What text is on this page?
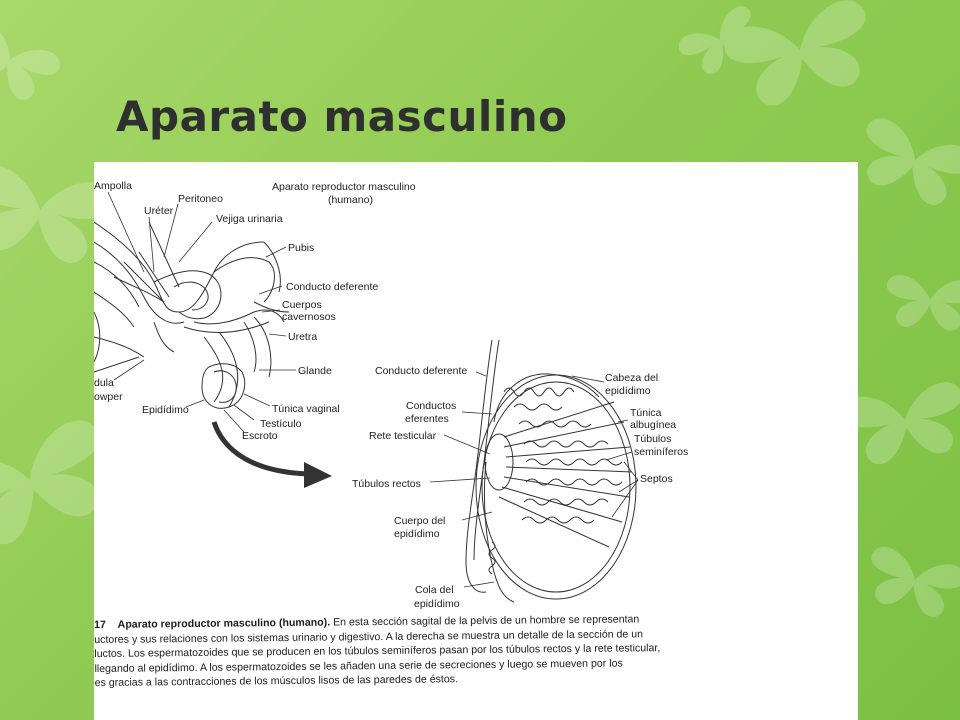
Aparato masculino
Aparato reproductor masculino
(humano)
Ampolla
Uréter
Peritoneo
Vejiga urinaria
Pubis
Conducto deferente
Cuerpos
cavernosos
Uretra
Glande
dula
owper
Epidídimo	Túnica vaginal
Testículo
Escroto
Conducto deferente
Conductos
eferentes
Rete testicular
Túbulos rectos
Cuerpo del
epidídimo
Cola del
epidídimo
Cabeza del
epidídimo
Túnica
albugínea
Túbulos
seminíferos
Septos
17 Aparato reproductor masculino (humano). En esta sección sagital de la pelvis de un hombre se representan
uctores y sus relaciones con los sistemas urinario y digestivo. A la derecha se muestra un detalle de la sección de un
luctos. Los espermatozoides que se producen en los túbulos seminíferos pasan por los túbulos rectos y la rete testicular,
llegando al epidídimo. A los espermatozoides se les añaden una serie de secreciones y luego se mueven por los
es gracias a las contracciones de los músculos lisos de las paredes de éstos.
